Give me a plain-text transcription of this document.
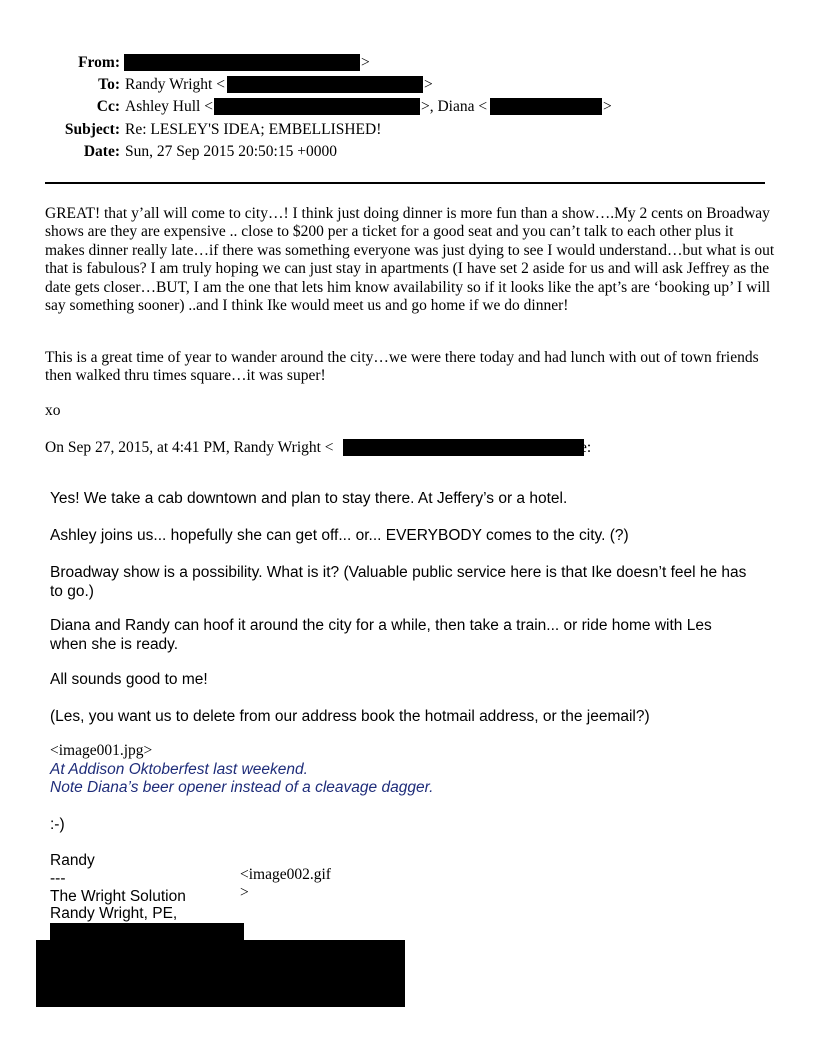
From:	>
To: Randy Wright <	>
Cc: Ashley Hull <	>, Diana <	>
Subject: Re: LESLEY'S IDEA; EMBELLISHED!
Date: Sun, 27 Sep 2015 20:50:15 +0000
GREAT! that y’all will come to city…! I think just doing dinner is more fun than a show….My 2 cents on Broadway shows are they are expensive .. close to $200 per a ticket for a good seat and you can’t talk to each other plus it makes dinner really late…if there was something everyone was just dying to see I would understand…but what is out that is fabulous? I am truly hoping we can just stay in apartments (I have set 2 aside for us and will ask Jeffrey as the date gets closer…BUT, I am the one that lets him know availability so if it looks like the apt’s are ‘booking up’ I will say something sooner) ..and I think Ike would meet us and go home if we do dinner!
This is a great time of year to wander around the city…we were there today and had lunch with out of town friends then walked thru times square…it was super!
xo
On Sep 27, 2015, at 4:41 PM, Randy Wright <	> wrote:
Yes! We take a cab downtown and plan to stay there. At Jeffery’s or a hotel.
Ashley joins us... hopefully she can get off... or... EVERYBODY comes to the city. (?)
Broadway show is a possibility. What is it? (Valuable public service here is that Ike doesn’t feel he has to go.)
Diana and Randy can hoof it around the city for a while, then take a train... or ride home with Les when she is ready.
All sounds good to me!
(Les, you want us to delete from our address book the hotmail address, or the jeemail?)
<image001.jpg>
At Addison Oktoberfest last weekend.
Note Diana’s beer opener instead of a cleavage dagger.
:-)
Randy
---
The Wright Solution
Randy Wright, PE,
<image002.gif
>
